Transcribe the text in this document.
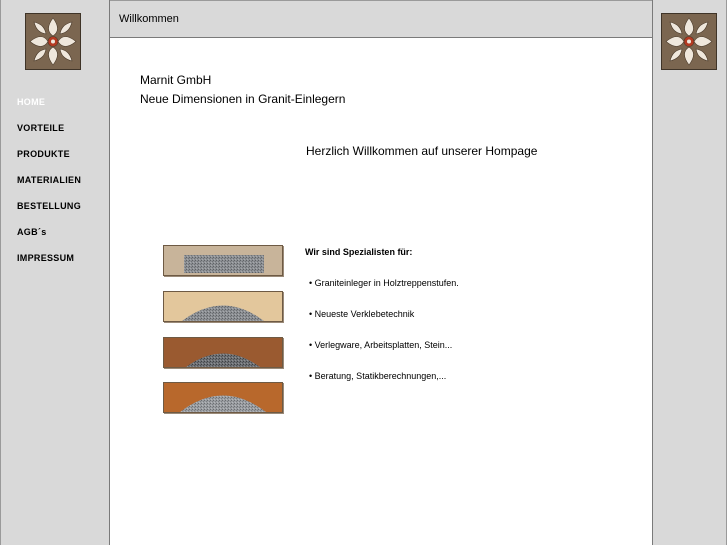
HOME
VORTEILE
PRODUKTE
MATERIALIEN
BESTELLUNG
AGB´s
IMPRESSUM
Willkommen
Marnit GmbH
Neue Dimensionen in Granit-Einlegern
Herzlich Willkommen auf unserer Hompage
Wir sind Spezialisten für:
• Graniteinleger in Holztreppenstufen.
• Neueste Verklebetechnik
• Verlegware, Arbeitsplatten, Stein...
• Beratung, Statikberechnungen,...
